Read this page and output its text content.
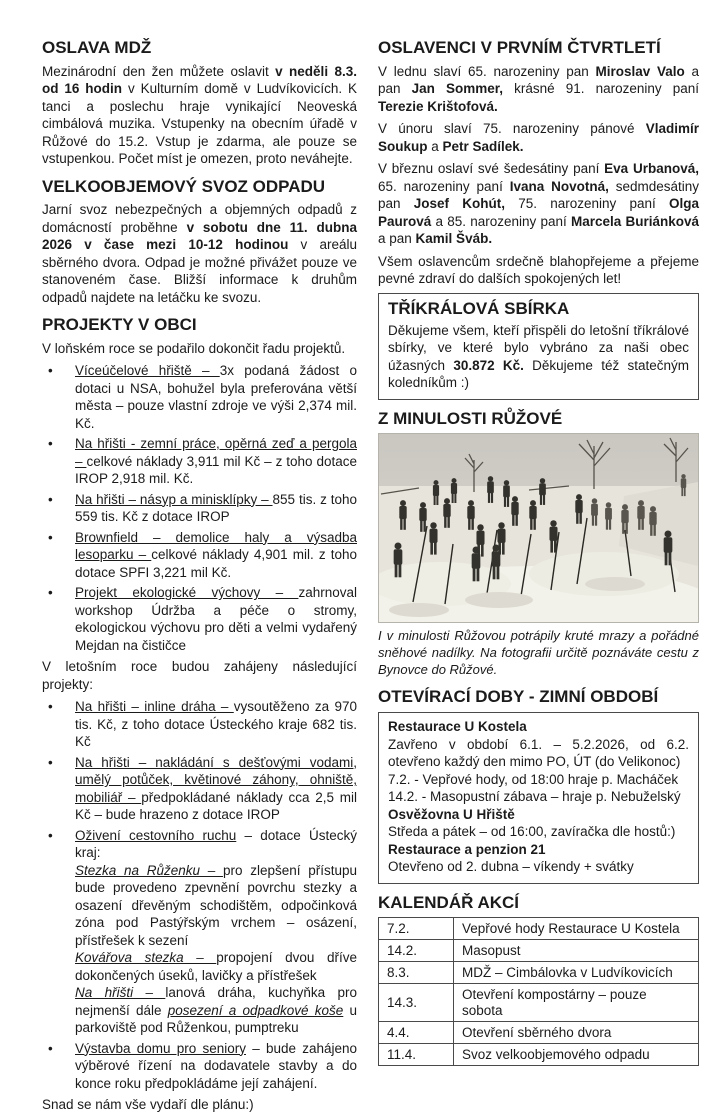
OSLAVA MDŽ

Mezinárodní den žen můžete oslavit v neděli 8.3. od 16 hodin v Kulturním domě v Ludvíkovicích. K tanci a poslechu hraje vynikající Neoveská cimbálová muzika. Vstupenky na obecním úřadě v Růžové do 15.2. Vstup je zdarma, ale pouze se vstupenkou. Počet míst je omezen, proto neváhejte.

VELKOOBJEMOVÝ SVOZ ODPADU

Jarní svoz nebezpečných a objemných odpadů z domácností proběhne v sobotu dne 11. dubna 2026 v čase mezi 10-12 hodinou v areálu sběrného dvora. Odpad je možné přivážet pouze ve stanoveném čase. Bližší informace k druhům odpadů najdete na letáčku ke svozu.

PROJEKTY V OBCI

V loňském roce se podařilo dokončit řadu projektů.

• Víceúčelové hřiště – 3x podaná žádost o dotaci u NSA, bohužel byla preferována větší města – pouze vlastní zdroje ve výši 2,374 mil. Kč.
• Na hřišti - zemní práce, opěrná zeď a pergola – celkové náklady 3,911 mil Kč – z toho dotace IROP 2,918 mil. Kč.
• Na hřišti – násyp a minisklípky – 855 tis. z toho 559 tis. Kč z dotace IROP
• Brownfield – demolice haly a výsadba lesoparku – celkové náklady 4,901 mil. z toho dotace SPFI 3,221 mil Kč.
• Projekt ekologické výchovy – zahrnoval workshop Údržba a péče o stromy, ekologickou výchovu pro děti a velmi vydařený Mejdan na čističce

V letošním roce budou zahájeny následující projekty:

• Na hřišti – inline dráha – vysoutěženo za 970 tis. Kč, z toho dotace Ústeckého kraje 682 tis. Kč
• Na hřišti – nakládání s dešťovými vodami, umělý potůček, květinové záhony, ohniště, mobiliář – předpokládané náklady cca 2,5 mil Kč – bude hrazeno z dotace IROP
• Oživení cestovního ruchu – dotace Ústecký kraj:
Stezka na Růženku – pro zlepšení přístupu bude provedeno zpevnění povrchu stezky a osazení dřevěným schodištěm, odpočinková zóna pod Pastýřským vrchem – osázení, přístřešek k sezení
Kovářova stezka – propojení dvou dříve dokončených úseků, lavičky a přístřešek
Na hřišti – lanová dráha, kuchyňka pro nejmenší dále posezení a odpadkové koše u parkoviště pod Růženkou, pumptreku
• Výstavba domu pro seniory – bude zahájeno výběrové řízení na dodavatele stavby a do konce roku předpokládáme její zahájení.

Snad se nám vše vydaří dle plánu:)

OSLAVENCI V PRVNÍM ČTVRTLETÍ

V lednu slaví 65. narozeniny pan Miroslav Valo a pan Jan Sommer, krásné 91. narozeniny paní Terezie Krištofová.

V únoru slaví 75. narozeniny pánové Vladimír Soukup a Petr Sadílek.

V březnu oslaví své šedesátiny paní Eva Urbanová, 65. narozeniny paní Ivana Novotná, sedmdesátiny pan Josef Kohút, 75. narozeniny paní Olga Paurová a 85. narozeniny paní Marcela Buriánková a pan Kamil Šváb.

Všem oslavencům srdečně blahopřejeme a přejeme pevné zdraví do dalších spokojených let!

TŘÍKRÁLOVÁ SBÍRKA
Děkujeme všem, kteří přispěli do letošní tříkrálové sbírky, ve které bylo vybráno za naši obec úžasných 30.872 Kč. Děkujeme též statečným koledníkům :)
Z MINULOSTI RŮŽOVÉ

I v minulosti Růžovou potrápily kruté mrazy a pořádné sněhové nadílky. Na fotografii určitě poznáváte cestu z Bynovce do Růžové.

OTEVÍRACÍ DOBY - ZIMNÍ OBDOBÍ
Restaurace U Kostela
Zavřeno v období 6.1. – 5.2.2026, od 6.2. otevřeno každý den mimo PO, ÚT (do Velikonoc)
7.2. - Vepřové hody, od 18:00 hraje p. Macháček
14.2. - Masopustní zábava – hraje p. Nebuželský
Osvěžovna U Hřiště
Středa a pátek – od 16:00, zavíračka dle hostů:)
Restaurace a penzion 21
Otevřeno od 2. dubna – víkendy + svátky
KALENDÁŘ AKCÍ
7.2.	Vepřové hody Restaurace U Kostela
14.2.	Masopust
8.3.	MDŽ – Cimbálovka v Ludvíkovicích
14.3.	Otevření kompostárny – pouze sobota
4.4.	Otevření sběrného dvora
11.4.	Svoz velkoobjemového odpadu
